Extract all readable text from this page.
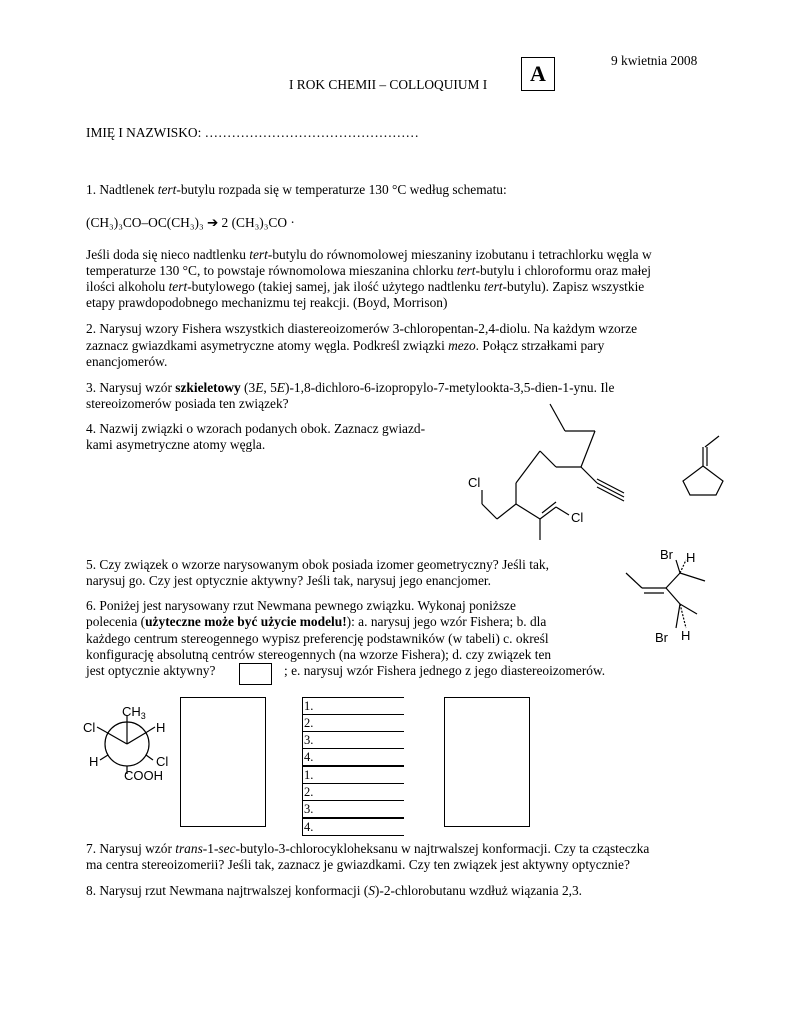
9 kwietnia 2008
I ROK CHEMII – COLLOQUIUM I	A
IMIĘ I NAZWISKO: …………………………………………
1. Nadtlenek tert-butylu rozpada się w temperaturze 130 °C według schematu:
(CH₃)₃CO–OC(CH₃)₃ ➔ 2 (CH₃)₃CO ·
Jeśli doda się nieco nadtlenku tert-butylu do równomolowej mieszaniny izobutanu i tetrachlorku węgla w
temperaturze 130 °C, to powstaje równomolowa mieszanina chlorku tert-butylu i chloroformu oraz małej
ilości alkoholu tert-butylowego (takiej samej, jak ilość użytego nadtlenku tert-butylu). Zapisz wszystkie
etapy prawdopodobnego mechanizmu tej reakcji. (Boyd, Morrison)
2. Narysuj wzory Fishera wszystkich diastereoizomerów 3-chloropentan-2,4-diolu. Na każdym wzorze
zaznacz gwiazdkami asymetryczne atomy węgla. Podkreśl związki mezo. Połącz strzałkami pary
enancjomerów.
3. Narysuj wzór szkieletowy (3E, 5E)-1,8-dichloro-6-izopropylo-7-metylookta-3,5-dien-1-ynu. Ile
stereoizomerów posiada ten związek?
4. Nazwij związki o wzorach podanych obok. Zaznacz gwiazd-
kami asymetryczne atomy węgla.
Cl
Cl
5. Czy związek o wzorze narysowanym obok posiada izomer geometryczny? Jeśli tak,
narysuj go. Czy jest optycznie aktywny? Jeśli tak, narysuj jego enancjomer.
Br H
Br H
6. Poniżej jest narysowany rzut Newmana pewnego związku. Wykonaj poniższe
polecenia (użyteczne może być użycie modelu!): a. narysuj jego wzór Fishera; b. dla
każdego centrum stereogennego wypisz preferencję podstawników (w tabeli) c. określ
konfigurację absolutną centrów stereogennych (na wzorze Fishera); d. czy związek ten
jest optycznie aktywny?	; e. narysuj wzór Fishera jednego z jego diastereoizomerów.
$CH_3$
Cl	H
H	Cl
COOH
1.
2.
3.
4.
1.
2.
3.
4.
7. Narysuj wzór trans-1-sec-butylo-3-chlorocykloheksanu w najtrwalszej konformacji. Czy ta cząsteczka
ma centra stereoizomerii? Jeśli tak, zaznacz je gwiazdkami. Czy ten związek jest aktywny optycznie?
8. Narysuj rzut Newmana najtrwalszej konformacji (S)-2-chlorobutanu wzdłuż wiązania 2,3.
